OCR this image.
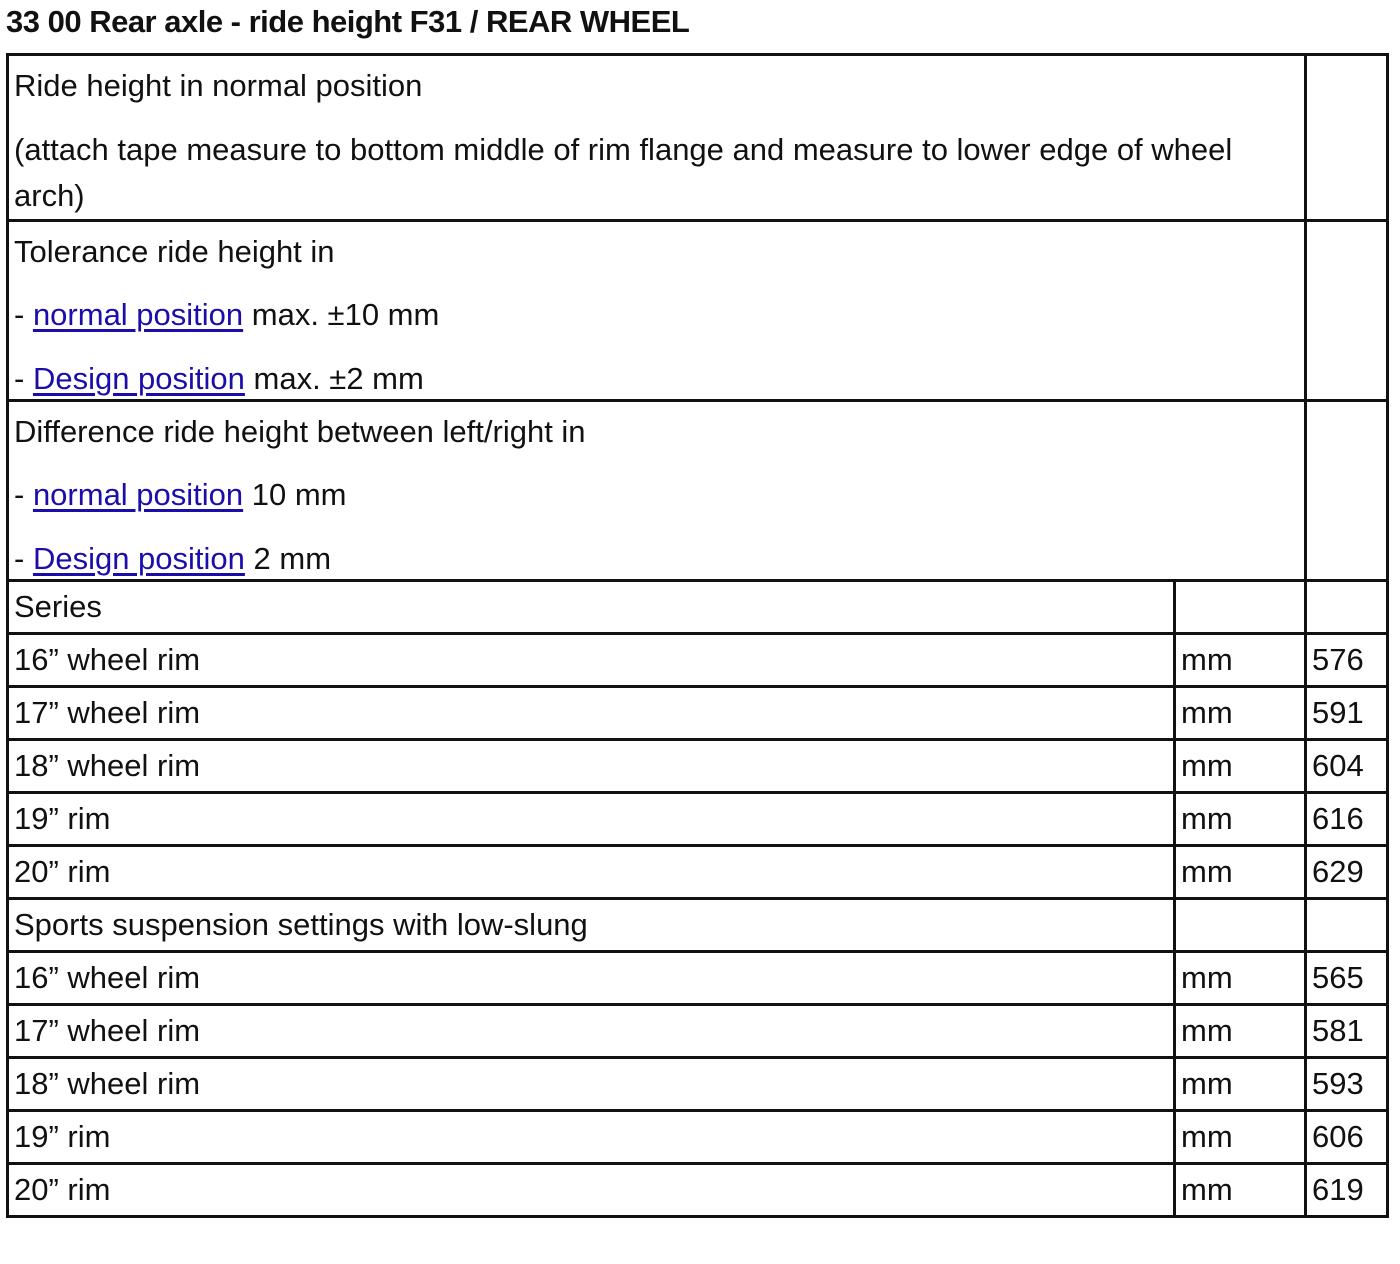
33 00 Rear axle - ride height F31 / REAR WHEEL
Ride height in normal position
(attach tape measure to bottom middle of rim flange and measure to lower edge of wheel arch)		

Tolerance ride height in
- normal position max. ±10 mm
- Design position max. ±2 mm		

Difference ride height between left/right in
- normal position 10 mm
- Design position 2 mm		

Series		
16” wheel rim	mm	576
17” wheel rim	mm	591
18” wheel rim	mm	604
19” rim	mm	616
20” rim	mm	629
Sports suspension settings with low-slung		
16” wheel rim	mm	565
17” wheel rim	mm	581
18” wheel rim	mm	593
19” rim	mm	606
20” rim	mm	619
